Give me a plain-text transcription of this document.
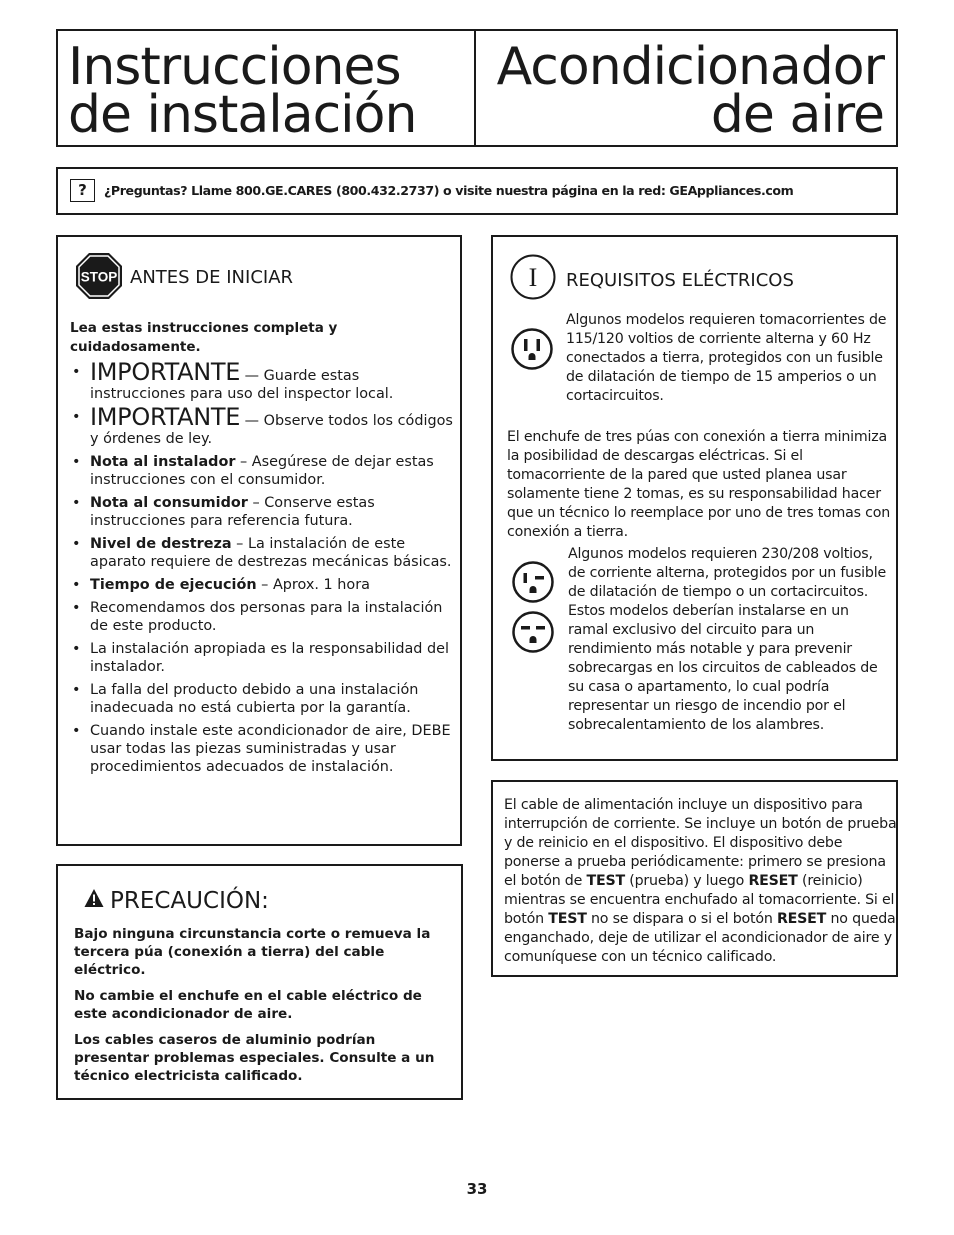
Instrucciones
de instalación
Acondicionador
de aire
?	¿Preguntas? Llame 800.GE.CARES (800.432.2737) o visite nuestra página en la red: GEAppliances.com
STOP ANTES DE INICIAR

Lea estas instrucciones completa y cuidadosamente.

• IMPORTANTE — Guarde estas instrucciones para uso del inspector local.
• IMPORTANTE — Observe todos los códigos y órdenes de ley.
• Nota al instalador – Asegúrese de dejar estas instrucciones con el consumidor.
• Nota al consumidor – Conserve estas instrucciones para referencia futura.
• Nivel de destreza – La instalación de este aparato requiere de destrezas mecánicas básicas.
• Tiempo de ejecución – Aprox. 1 hora
• Recomendamos dos personas para la instalación de este producto.
• La instalación apropiada es la responsabilidad del instalador.
• La falla del producto debido a una instalación inadecuada no está cubierta por la garantía.
• Cuando instale este acondicionador de aire, DEBE usar todas las piezas suministradas y usar procedimientos adecuados de instalación.
PRECAUCIÓN:

Bajo ninguna circunstancia corte o remueva la tercera púa (conexión a tierra) del cable eléctrico.

No cambie el enchufe en el cable eléctrico de este acondicionador de aire.

Los cables caseros de aluminio podrían presentar problemas especiales. Consulte a un técnico electricista calificado.

I REQUISITOS ELÉCTRICOS

Algunos modelos requieren tomacorrientes de 115/120 voltios de corriente alterna y 60 Hz conectados a tierra, protegidos con un fusible de dilatación de tiempo de 15 amperios o un cortacircuitos.

El enchufe de tres púas con conexión a tierra minimiza la posibilidad de descargas eléctricas. Si el tomacorriente de la pared que usted planea usar solamente tiene 2 tomas, es su responsabilidad hacer que un técnico lo reemplace por uno de tres tomas con conexión a tierra.

Algunos modelos requieren 230/208 voltios, de corriente alterna, protegidos por un fusible de dilatación de tiempo o un cortacircuitos. Estos modelos deberían instalarse en un ramal exclusivo del circuito para un rendimiento más notable y para prevenir sobrecargas en los circuitos de cableados de su casa o apartamento, lo cual podría representar un riesgo de incendio por el sobrecalentamiento de los alambres.

El cable de alimentación incluye un dispositivo para interrupción de corriente. Se incluye un botón de prueba y de reinicio en el dispositivo. El dispositivo debe ponerse a prueba periódicamente: primero se presiona el botón de TEST (prueba) y luego RESET (reinicio) mientras se encuentra enchufado al tomacorriente. Si el botón TEST no se dispara o si el botón RESET no queda enganchado, deje de utilizar el acondicionador de aire y comuníquese con un técnico calificado.

33
